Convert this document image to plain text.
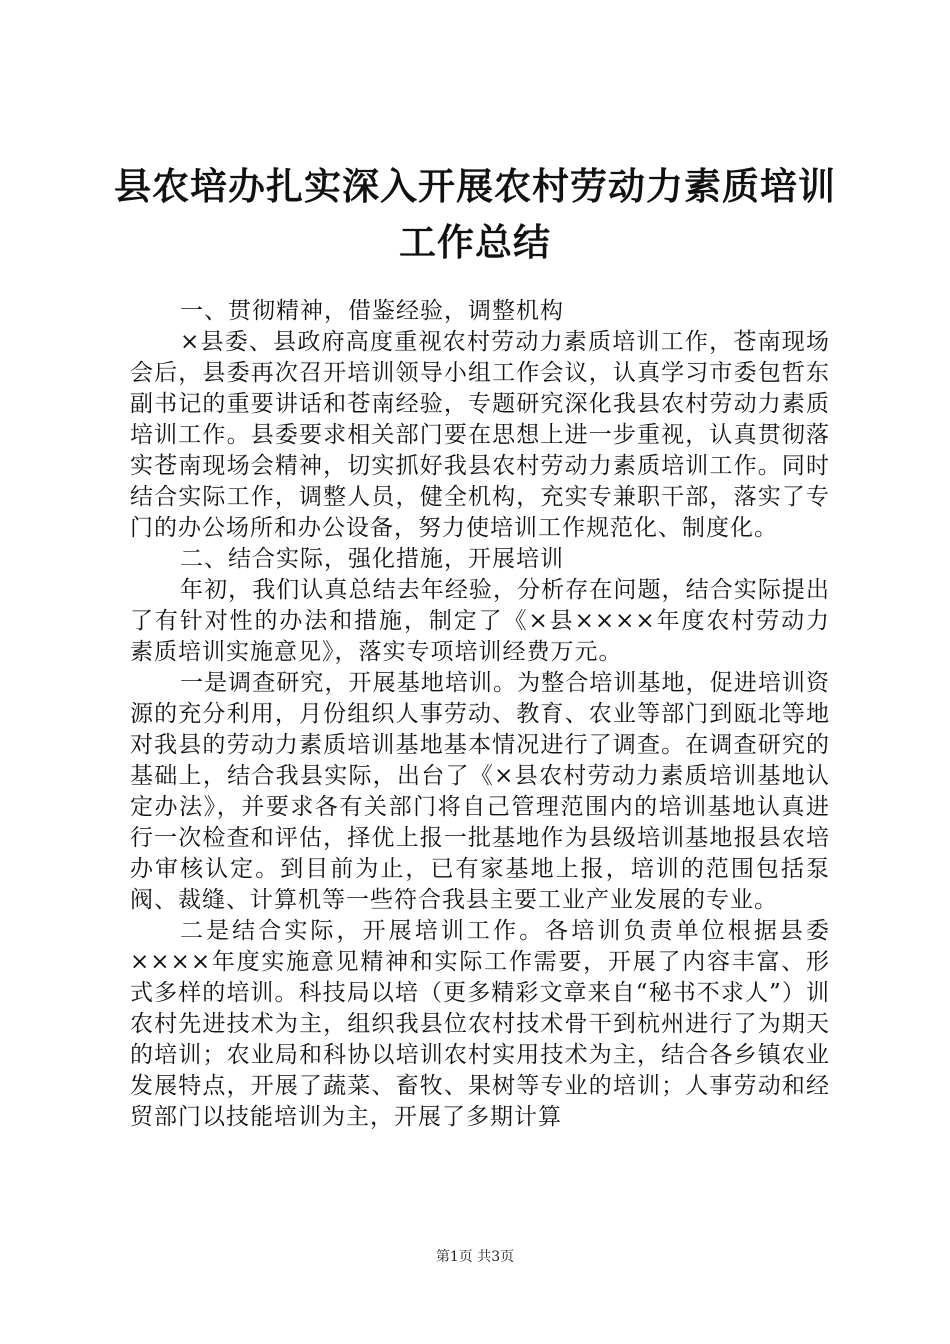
县农培办扎实深入开展农村劳动力素质培训工作总结

一、贯彻精神，借鉴经验，调整机构

×县委、县政府高度重视农村劳动力素质培训工作，苍南现场会后，县委再次召开培训领导小组工作会议，认真学习市委包哲东副书记的重要讲话和苍南经验，专题研究深化我县农村劳动力素质培训工作。县委要求相关部门要在思想上进一步重视，认真贯彻落实苍南现场会精神，切实抓好我县农村劳动力素质培训工作。同时结合实际工作，调整人员，健全机构，充实专兼职干部，落实了专门的办公场所和办公设备，努力使培训工作规范化、制度化。

二、结合实际，强化措施，开展培训

年初，我们认真总结去年经验，分析存在问题，结合实际提出了有针对性的办法和措施，制定了《×县××××年度农村劳动力素质培训实施意见》，落实专项培训经费万元。

一是调查研究，开展基地培训。为整合培训基地，促进培训资源的充分利用，月份组织人事劳动、教育、农业等部门到瓯北等地对我县的劳动力素质培训基地基本情况进行了调查。在调查研究的基础上，结合我县实际，出台了《×县农村劳动力素质培训基地认定办法》，并要求各有关部门将自己管理范围内的培训基地认真进行一次检查和评估，择优上报一批基地作为县级培训基地报县农培办审核认定。到目前为止，已有家基地上报，培训的范围包括泵阀、裁缝、计算机等一些符合我县主要工业产业发展的专业。

二是结合实际，开展培训工作。各培训负责单位根据县委××××年度实施意见精神和实际工作需要，开展了内容丰富、形式多样的培训。科技局以培（更多精彩文章来自“秘书不求人”）训农村先进技术为主，组织我县位农村技术骨干到杭州进行了为期天的培训；农业局和科协以培训农村实用技术为主，结合各乡镇农业发展特点，开展了蔬菜、畜牧、果树等专业的培训；人事劳动和经贸部门以技能培训为主，开展了多期计算

第1页 共3页
